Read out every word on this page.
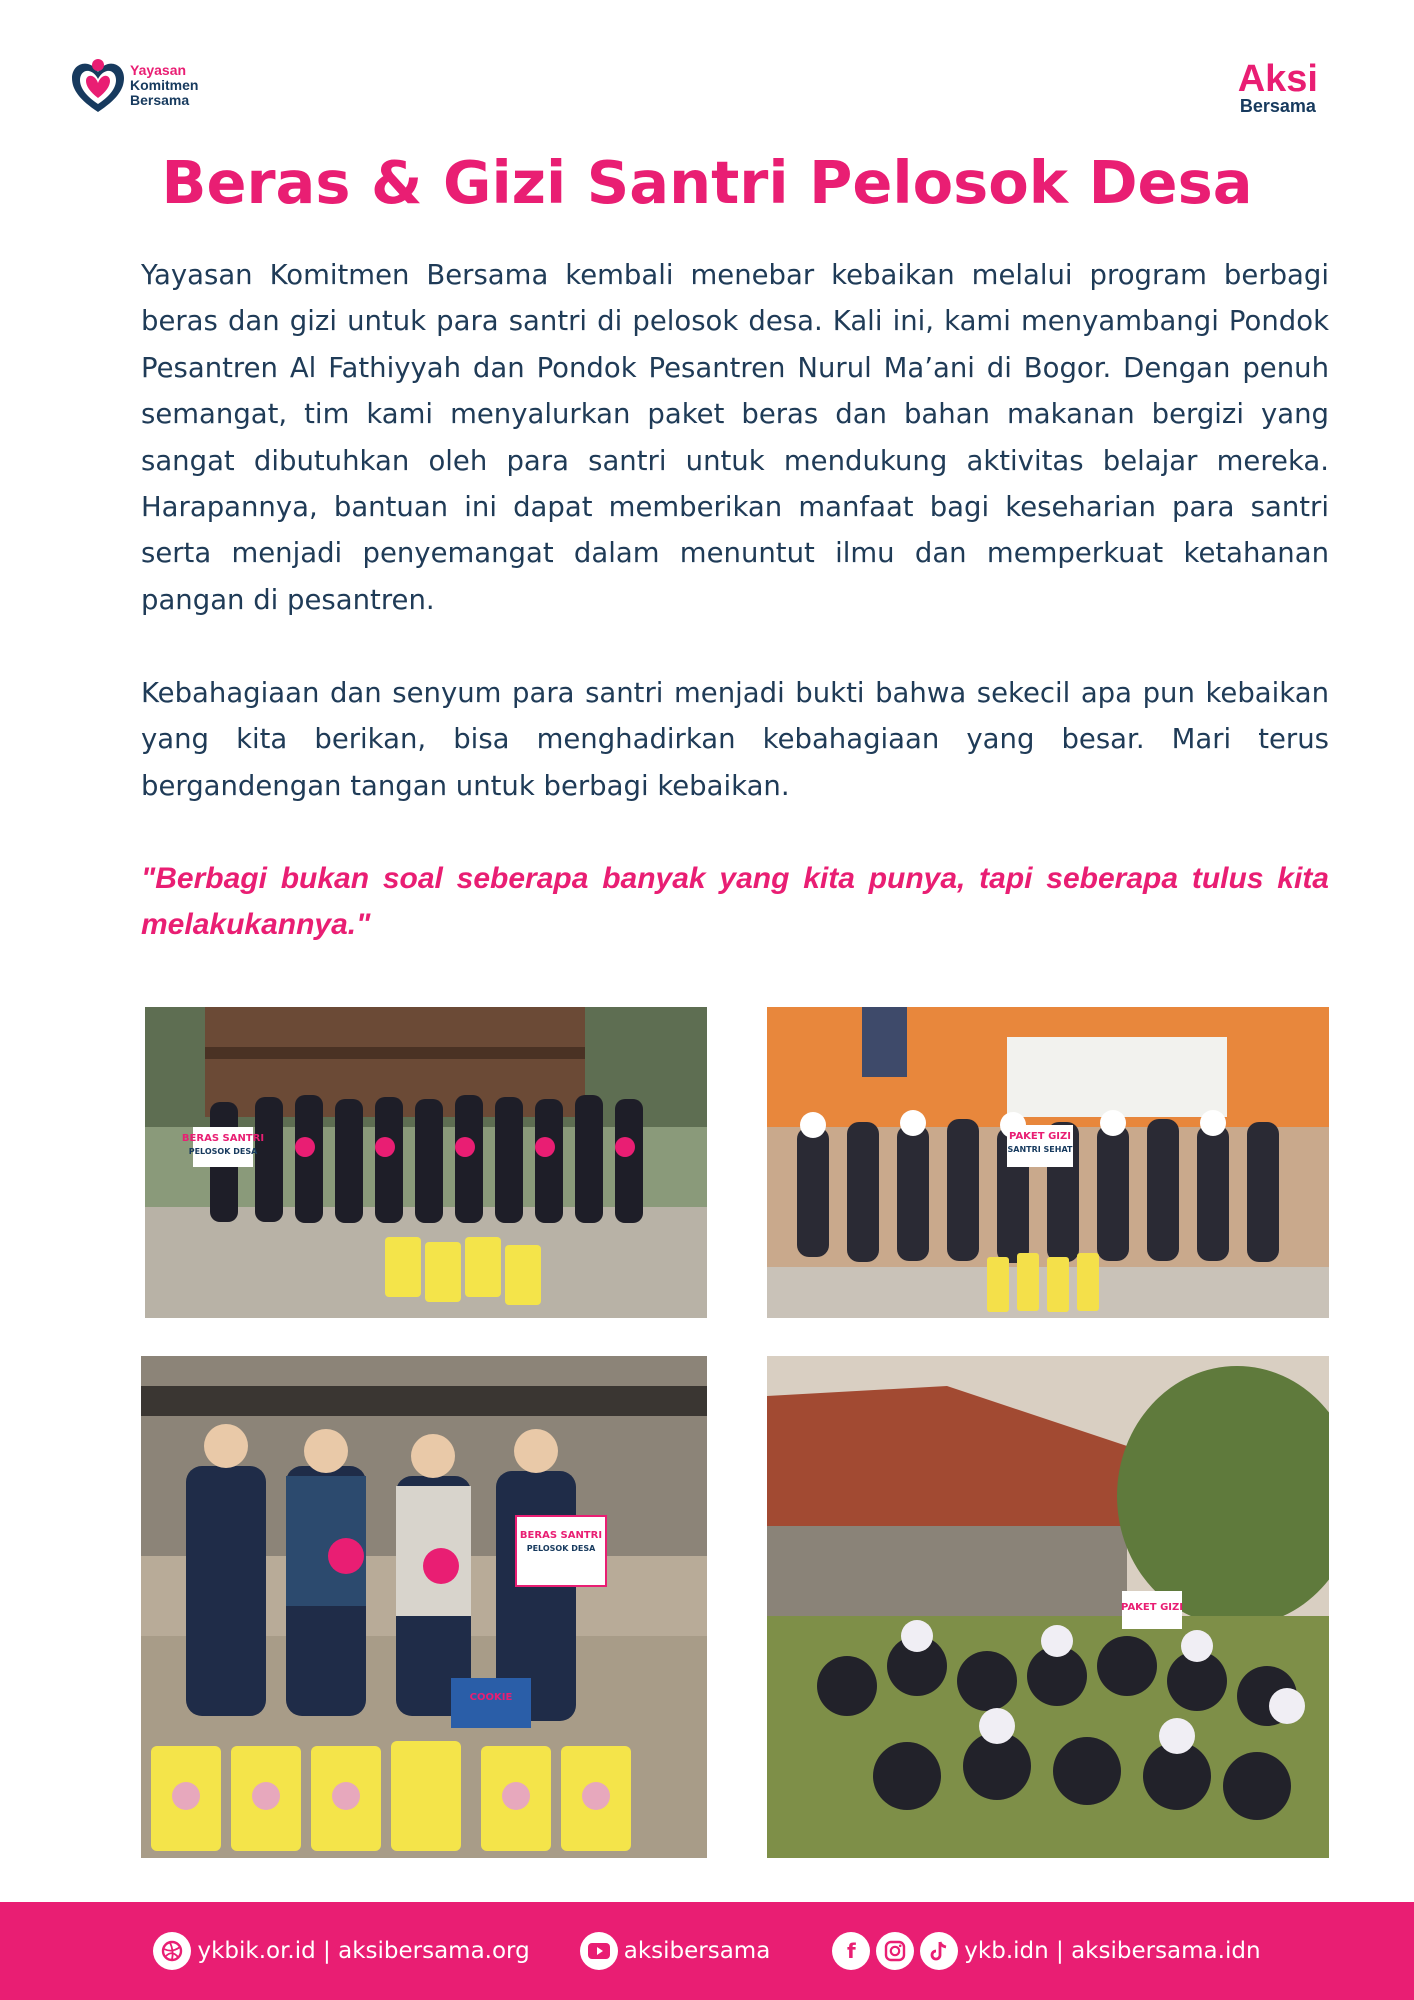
Yayasan
Komitmen
Bersama	Aksi
Bersama
Beras & Gizi Santri Pelosok Desa

Yayasan Komitmen Bersama kembali menebar kebaikan melalui program berbagi beras dan gizi untuk para santri di pelosok desa. Kali ini, kami menyambangi Pondok Pesantren Al Fathiyyah dan Pondok Pesantren Nurul Ma’ani di Bogor. Dengan penuh semangat, tim kami menyalurkan paket beras dan bahan makanan bergizi yang sangat dibutuhkan oleh para santri untuk mendukung aktivitas belajar mereka. Harapannya, bantuan ini dapat memberikan manfaat bagi keseharian para santri serta menjadi penyemangat dalam menuntut ilmu dan memperkuat ketahanan pangan di pesantren.

Kebahagiaan dan senyum para santri menjadi bukti bahwa sekecil apa pun kebaikan yang kita berikan, bisa menghadirkan kebahagiaan yang besar. Mari terus bergandengan tangan untuk berbagi kebaikan.

"Berbagi bukan soal seberapa banyak yang kita punya, tapi seberapa tulus kita melakukannya."

BERAS SANTRI
PELOSOK DESA
PAKET GIZI
SANTRI SEHAT
BERAS SANTRI
PELOSOK DESA
COOKIE
PAKET GIZI
ykbik.or.id | aksibersama.org	aksibersama	f	ykb.idn | aksibersama.idn
